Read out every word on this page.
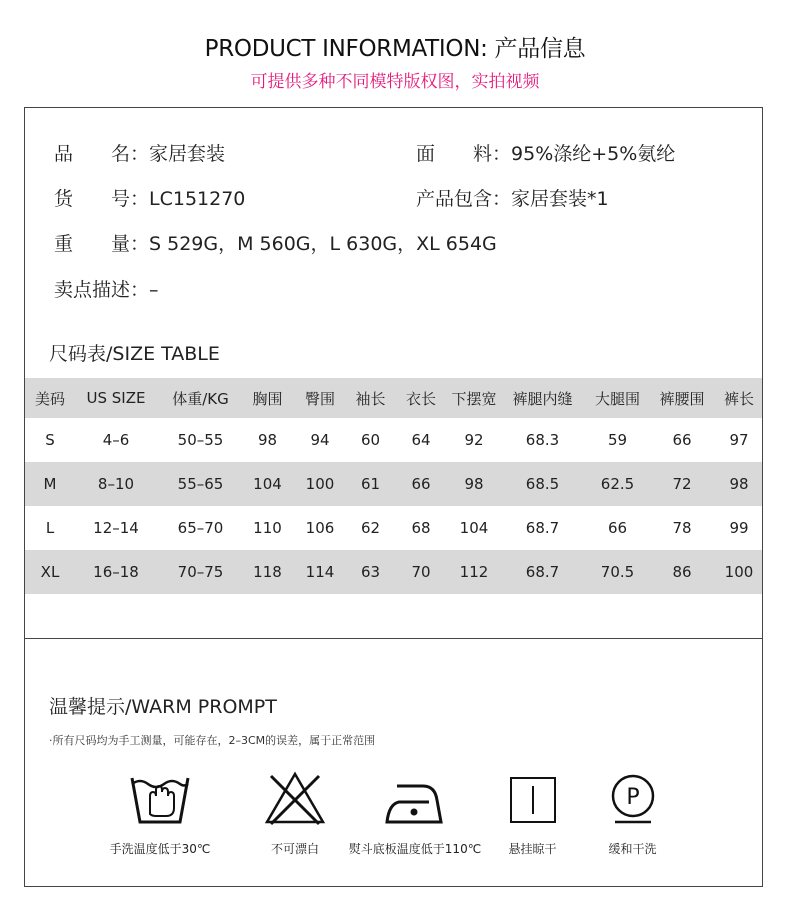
PRODUCT INFORMATION: 产品信息
可提供多种不同模特版权图，实拍视频
品　　名：家居套装	面　　料：95%涤纶+5%氨纶
货　　号：LC151270	产品包含：家居套装*1
重　　量：S 529G，M 560G，L 630G，XL 654G
卖点描述：–
尺码表/SIZE TABLE
美码	US SIZE	体重/KG	胸围	臀围	袖长	衣长	下摆宽	裤腿内缝	大腿围	裤腰围	裤长
S	4–6	50–55	98	94	60	64	92	68.3	59	66	97
M	8–10	55–65	104	100	61	66	98	68.5	62.5	72	98
L	12–14	65–70	110	106	62	68	104	68.7	66	78	99
XL	16–18	70–75	118	114	63	70	112	68.7	70.5	86	100
温馨提示/WARM PROMPT
·所有尺码均为手工测量，可能存在，2–3CM的误差，属于正常范围
手洗温度低于30℃	不可漂白	熨斗底板温度低于110℃	悬挂晾干
P
缓和干洗
